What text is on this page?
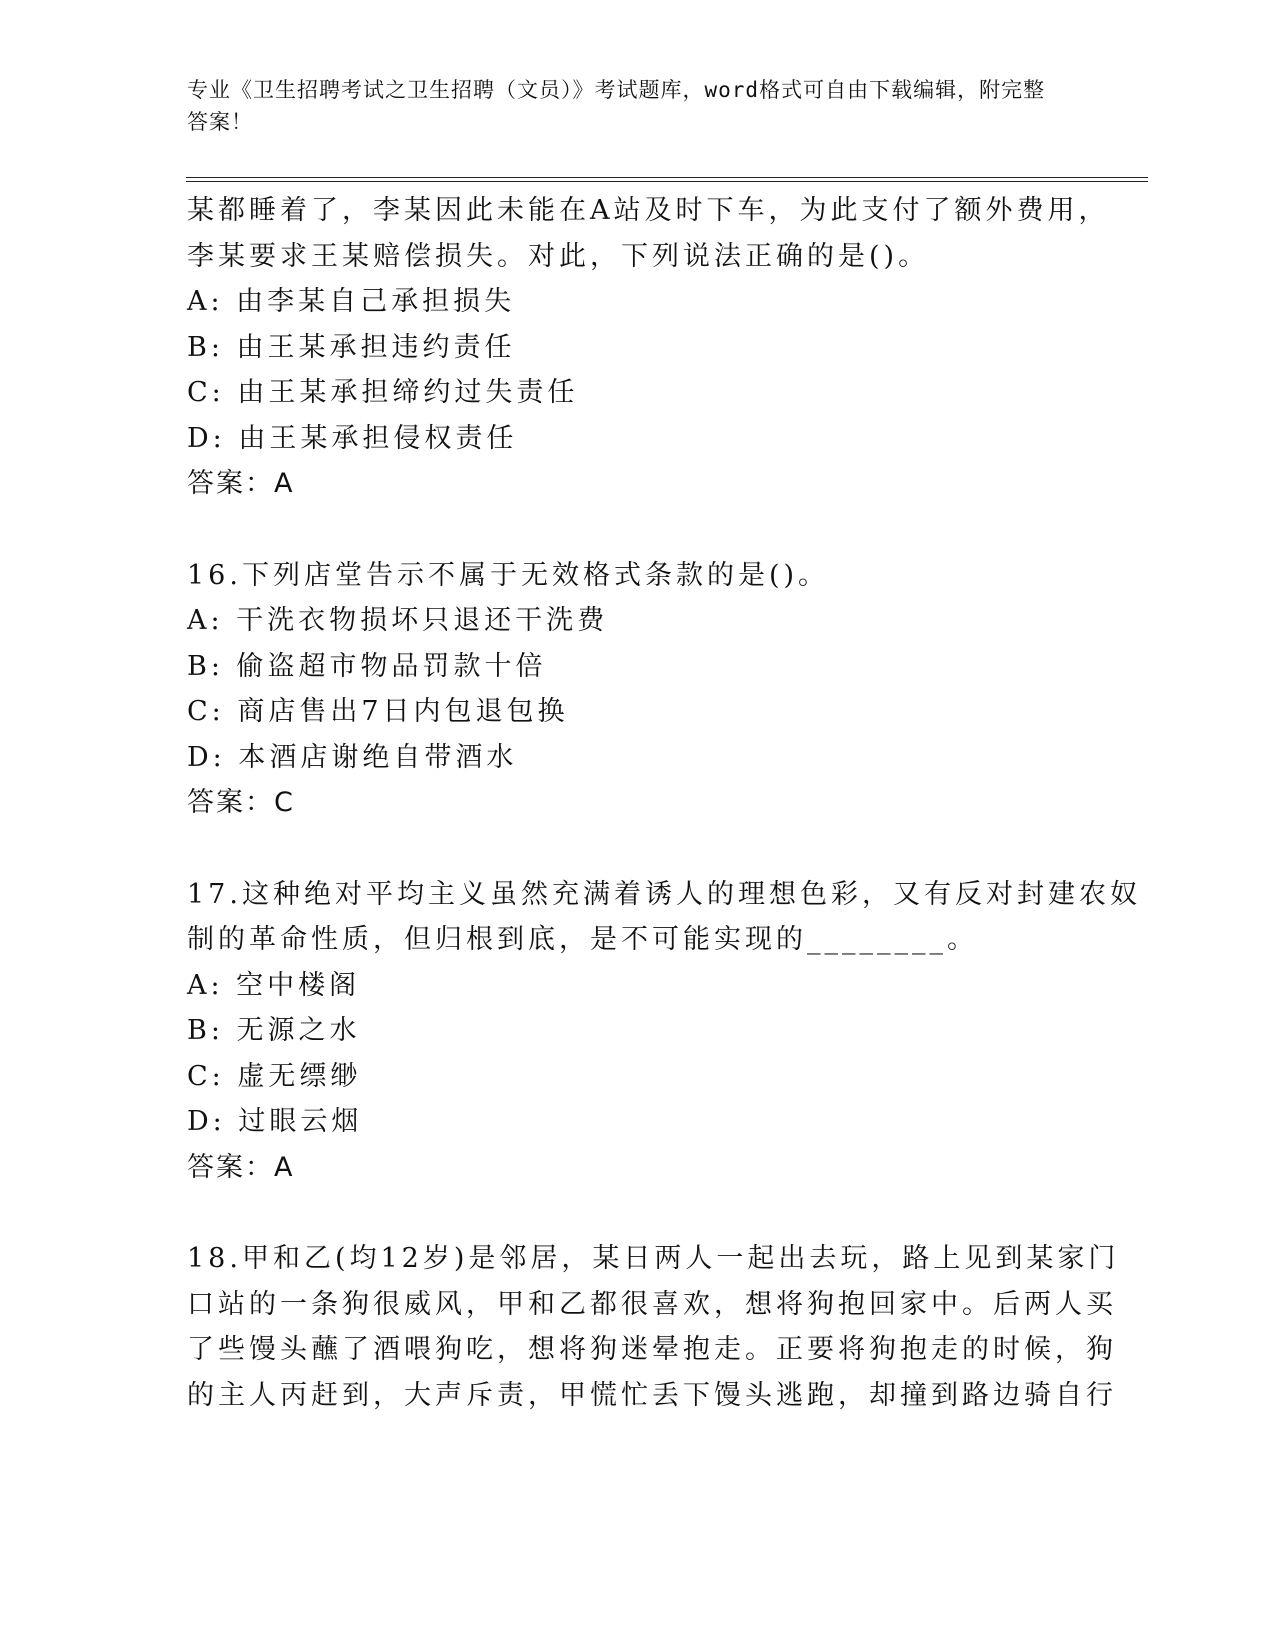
专业《卫生招聘考试之卫生招聘（文员）》考试题库，word格式可自由下载编辑，附完整答案！
某都睡着了，李某因此未能在A站及时下车，为此支付了额外费用，
李某要求王某赔偿损失。对此，下列说法正确的是()。
A: 由李某自己承担损失
B: 由王某承担违约责任
C: 由王某承担缔约过失责任
D: 由王某承担侵权责任
答案：A
16.下列店堂告示不属于无效格式条款的是()。
A: 干洗衣物损坏只退还干洗费
B: 偷盗超市物品罚款十倍
C: 商店售出7日内包退包换
D: 本酒店谢绝自带酒水
答案：C
17.这种绝对平均主义虽然充满着诱人的理想色彩，又有反对封建农奴
制的革命性质，但归根到底，是不可能实现的________。
A: 空中楼阁
B: 无源之水
C: 虚无缥缈
D: 过眼云烟
答案：A
18.甲和乙(均12岁)是邻居，某日两人一起出去玩，路上见到某家门
口站的一条狗很威风，甲和乙都很喜欢，想将狗抱回家中。后两人买
了些馒头蘸了酒喂狗吃，想将狗迷晕抱走。正要将狗抱走的时候，狗
的主人丙赶到，大声斥责，甲慌忙丢下馒头逃跑，却撞到路边骑自行
